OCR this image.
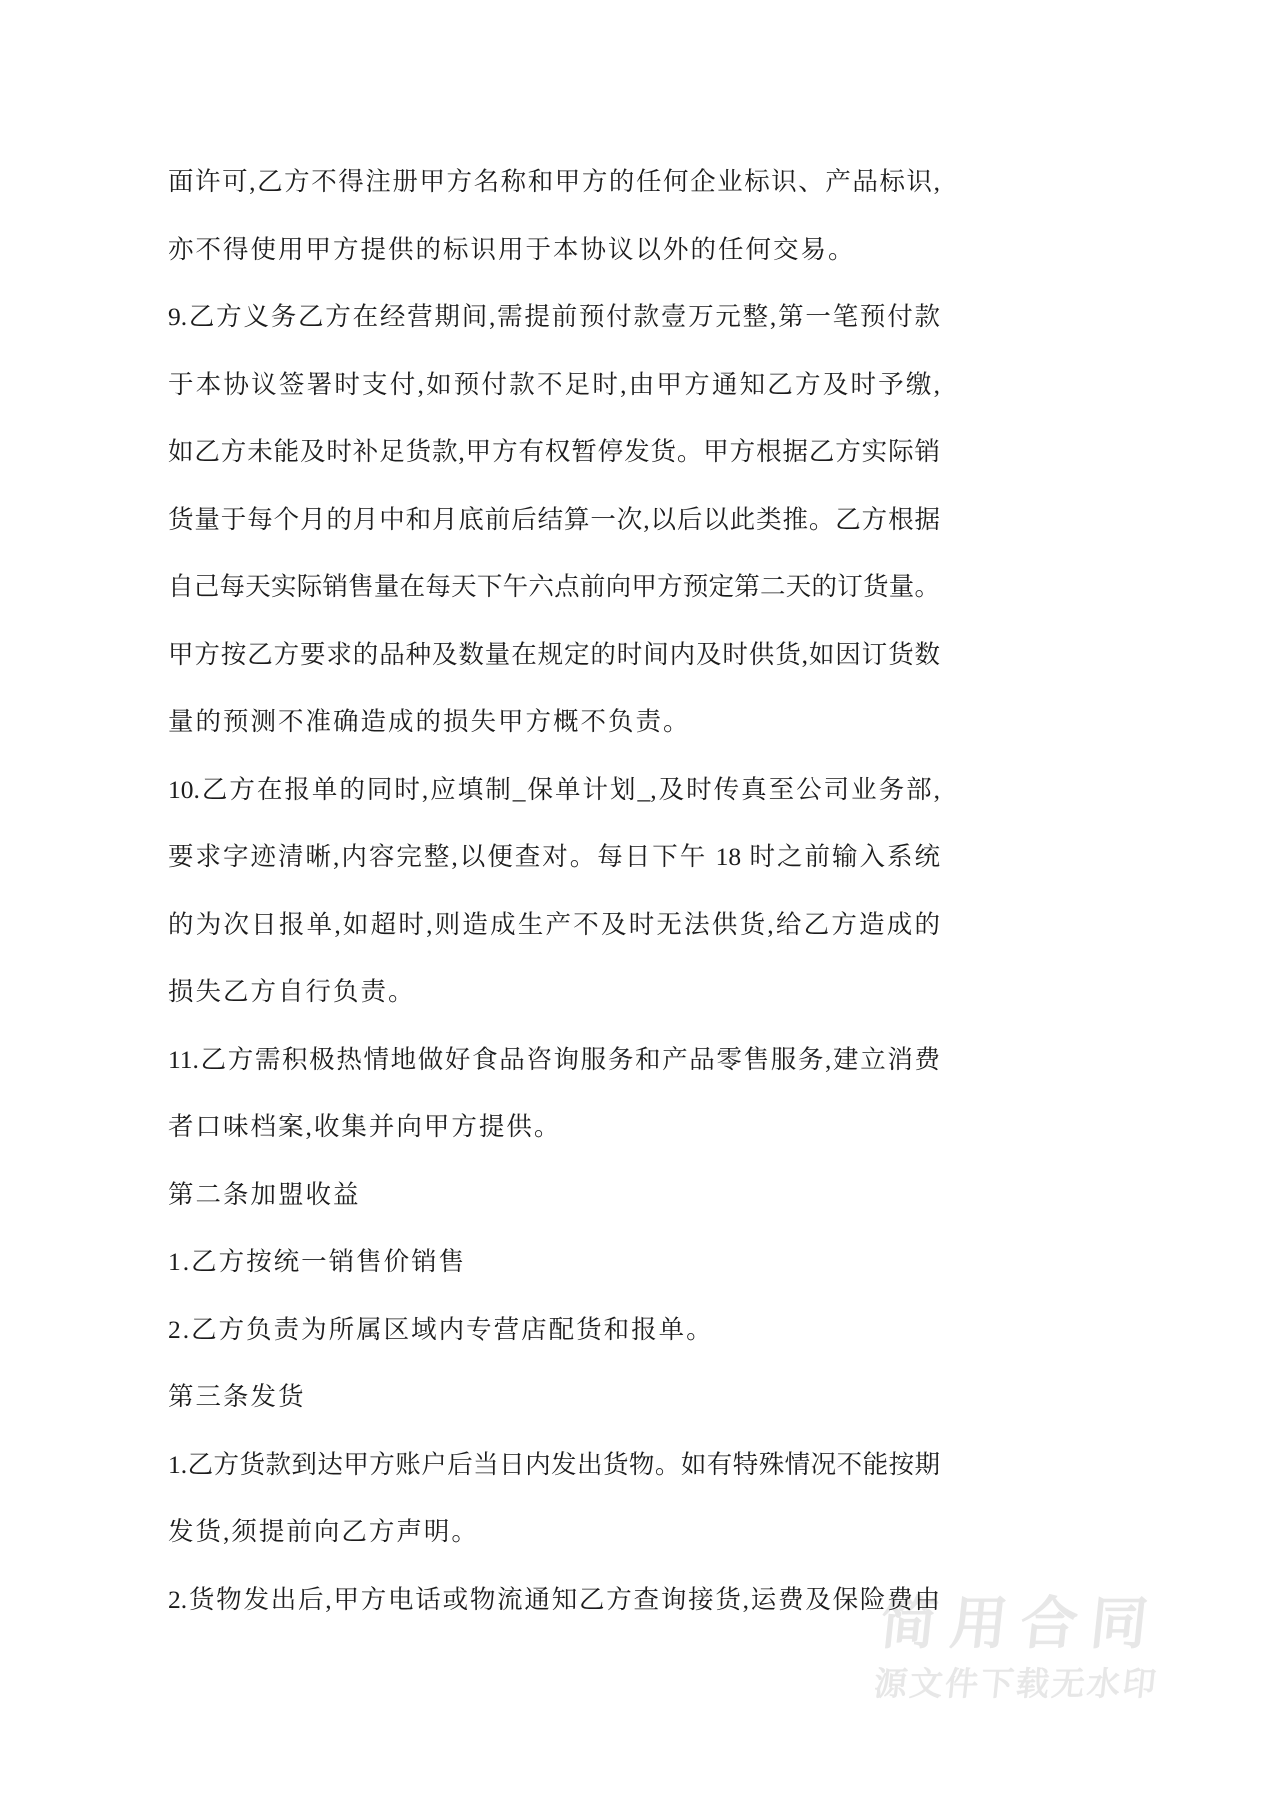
面许可,乙方不得注册甲方名称和甲方的任何企业标识、产品标识,
亦不得使用甲方提供的标识用于本协议以外的任何交易。
9.乙方义务乙方在经营期间,需提前预付款壹万元整,第一笔预付款
于本协议签署时支付,如预付款不足时,由甲方通知乙方及时予缴,
如乙方未能及时补足货款,甲方有权暂停发货。甲方根据乙方实际销
货量于每个月的月中和月底前后结算一次,以后以此类推。乙方根据
自己每天实际销售量在每天下午六点前向甲方预定第二天的订货量。
甲方按乙方要求的品种及数量在规定的时间内及时供货,如因订货数
量的预测不准确造成的损失甲方概不负责。
10.乙方在报单的同时,应填制_保单计划_,及时传真至公司业务部,
要求字迹清晰,内容完整,以便查对。每日下午 18 时之前输入系统
的为次日报单,如超时,则造成生产不及时无法供货,给乙方造成的
损失乙方自行负责。
11.乙方需积极热情地做好食品咨询服务和产品零售服务,建立消费
者口味档案,收集并向甲方提供。
第二条加盟收益
1.乙方按统一销售价销售
2.乙方负责为所属区域内专营店配货和报单。
第三条发货
1.乙方货款到达甲方账户后当日内发出货物。如有特殊情况不能按期
发货,须提前向乙方声明。
2.货物发出后,甲方电话或物流通知乙方查询接货,运费及保险费由
简用合同
源文件下载无水印
